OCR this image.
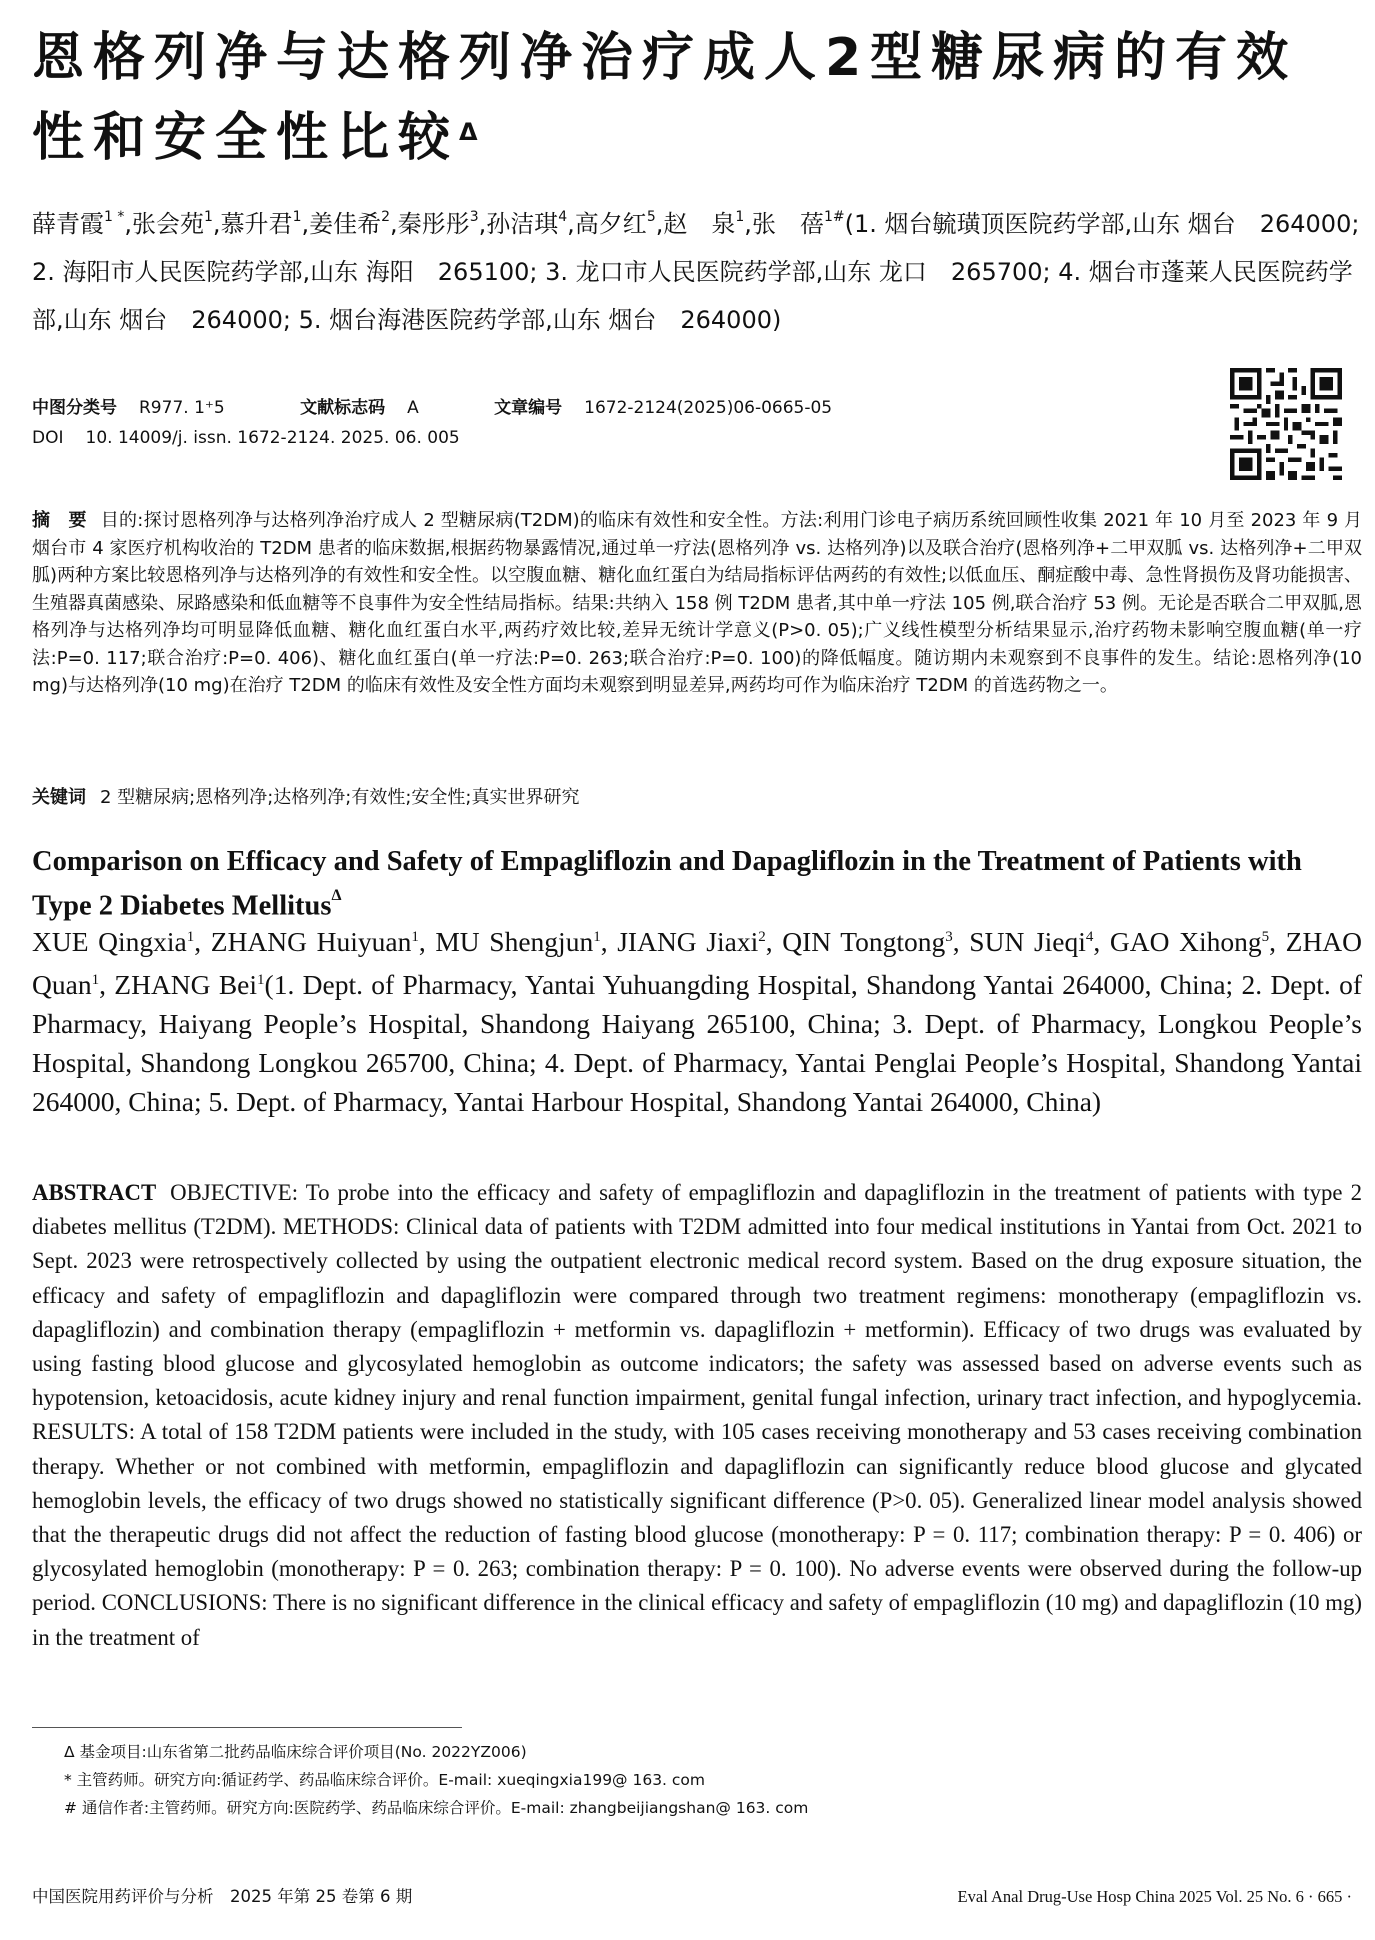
恩格列净与达格列净治疗成人2型糖尿病的有效性和安全性比较$^\Delta$

薛青霞$^{1 *}$,张会苑$^1$,慕升君$^1$,姜佳希$^2$,秦彤彤$^3$,孙洁琪$^4$,高夕红$^5$,赵　泉$^1$,张　蓓$^{1\#}$(1. 烟台毓璜顶医院药学部,山东 烟台　264000; 2. 海阳市人民医院药学部,山东 海阳　265100; 3. 龙口市人民医院药学部,山东 龙口　265700; 4. 烟台市蓬莱人民医院药学部,山东 烟台　264000; 5. 烟台海港医院药学部,山东 烟台　264000)

中图分类号 R977. 1⁺5	文献标志码 A	文章编号 1672-2124(2025)06-0665-05
DOI 10. 14009/j. issn. 1672-2124. 2025. 06. 005

摘　要 目的:探讨恩格列净与达格列净治疗成人 2 型糖尿病(T2DM)的临床有效性和安全性。方法:利用门诊电子病历系统回顾性收集 2021 年 10 月至 2023 年 9 月烟台市 4 家医疗机构收治的 T2DM 患者的临床数据,根据药物暴露情况,通过单一疗法(恩格列净 vs. 达格列净)以及联合治疗(恩格列净+二甲双胍 vs. 达格列净+二甲双胍)两种方案比较恩格列净与达格列净的有效性和安全性。以空腹血糖、糖化血红蛋白为结局指标评估两药的有效性;以低血压、酮症酸中毒、急性肾损伤及肾功能损害、生殖器真菌感染、尿路感染和低血糖等不良事件为安全性结局指标。结果:共纳入 158 例 T2DM 患者,其中单一疗法 105 例,联合治疗 53 例。无论是否联合二甲双胍,恩格列净与达格列净均可明显降低血糖、糖化血红蛋白水平,两药疗效比较,差异无统计学意义(P>0. 05);广义线性模型分析结果显示,治疗药物未影响空腹血糖(单一疗法:P=0. 117;联合治疗:P=0. 406)、糖化血红蛋白(单一疗法:P=0. 263;联合治疗:P=0. 100)的降低幅度。随访期内未观察到不良事件的发生。结论:恩格列净(10 mg)与达格列净(10 mg)在治疗 T2DM 的临床有效性及安全性方面均未观察到明显差异,两药均可作为临床治疗 T2DM 的首选药物之一。

关键词 2 型糖尿病;恩格列净;达格列净;有效性;安全性;真实世界研究
Comparison on Efficacy and Safety of Empagliflozin and Dapagliflozin in the Treatment of Patients with Type 2 Diabetes Mellitus$^\Delta$

XUE Qingxia$^1$, ZHANG Huiyuan$^1$, MU Shengjun$^1$, JIANG Jiaxi$^2$, QIN Tongtong$^3$, SUN Jieqi$^4$, GAO Xihong$^5$, ZHAO Quan$^1$, ZHANG Bei$^1$(1. Dept. of Pharmacy, Yantai Yuhuangding Hospital, Shandong Yantai 264000, China; 2. Dept. of Pharmacy, Haiyang People’s Hospital, Shandong Haiyang 265100, China; 3. Dept. of Pharmacy, Longkou People’s Hospital, Shandong Longkou 265700, China; 4. Dept. of Pharmacy, Yantai Penglai People’s Hospital, Shandong Yantai 264000, China; 5. Dept. of Pharmacy, Yantai Harbour Hospital, Shandong Yantai 264000, China)

ABSTRACT OBJECTIVE: To probe into the efficacy and safety of empagliflozin and dapagliflozin in the treatment of patients with type 2 diabetes mellitus (T2DM). METHODS: Clinical data of patients with T2DM admitted into four medical institutions in Yantai from Oct. 2021 to Sept. 2023 were retrospectively collected by using the outpatient electronic medical record system. Based on the drug exposure situation, the efficacy and safety of empagliflozin and dapagliflozin were compared through two treatment regimens: monotherapy (empagliflozin vs. dapagliflozin) and combination therapy (empagliflozin + metformin vs. dapagliflozin + metformin). Efficacy of two drugs was evaluated by using fasting blood glucose and glycosylated hemoglobin as outcome indicators; the safety was assessed based on adverse events such as hypotension, ketoacidosis, acute kidney injury and renal function impairment, genital fungal infection, urinary tract infection, and hypoglycemia. RESULTS: A total of 158 T2DM patients were included in the study, with 105 cases receiving monotherapy and 53 cases receiving combination therapy. Whether or not combined with metformin, empagliflozin and dapagliflozin can significantly reduce blood glucose and glycated hemoglobin levels, the efficacy of two drugs showed no statistically significant difference (P>0. 05). Generalized linear model analysis showed that the therapeutic drugs did not affect the reduction of fasting blood glucose (monotherapy: P = 0. 117; combination therapy: P = 0. 406) or glycosylated hemoglobin (monotherapy: P = 0. 263; combination therapy: P = 0. 100). No adverse events were observed during the follow-up period. CONCLUSIONS: There is no significant difference in the clinical efficacy and safety of empagliflozin (10 mg) and dapagliflozin (10 mg) in the treatment of

Δ 基金项目:山东省第二批药品临床综合评价项目(No. 2022YZ006)
* 主管药师。研究方向:循证药学、药品临床综合评价。E-mail: xueqingxia199@ 163. com
# 通信作者:主管药师。研究方向:医院药学、药品临床综合评价。E-mail: zhangbeijiangshan@ 163. com
中国医院用药评价与分析　2025 年第 25 卷第 6 期	Eval Anal Drug-Use Hosp China 2025 Vol. 25 No. 6 · 665 ·
